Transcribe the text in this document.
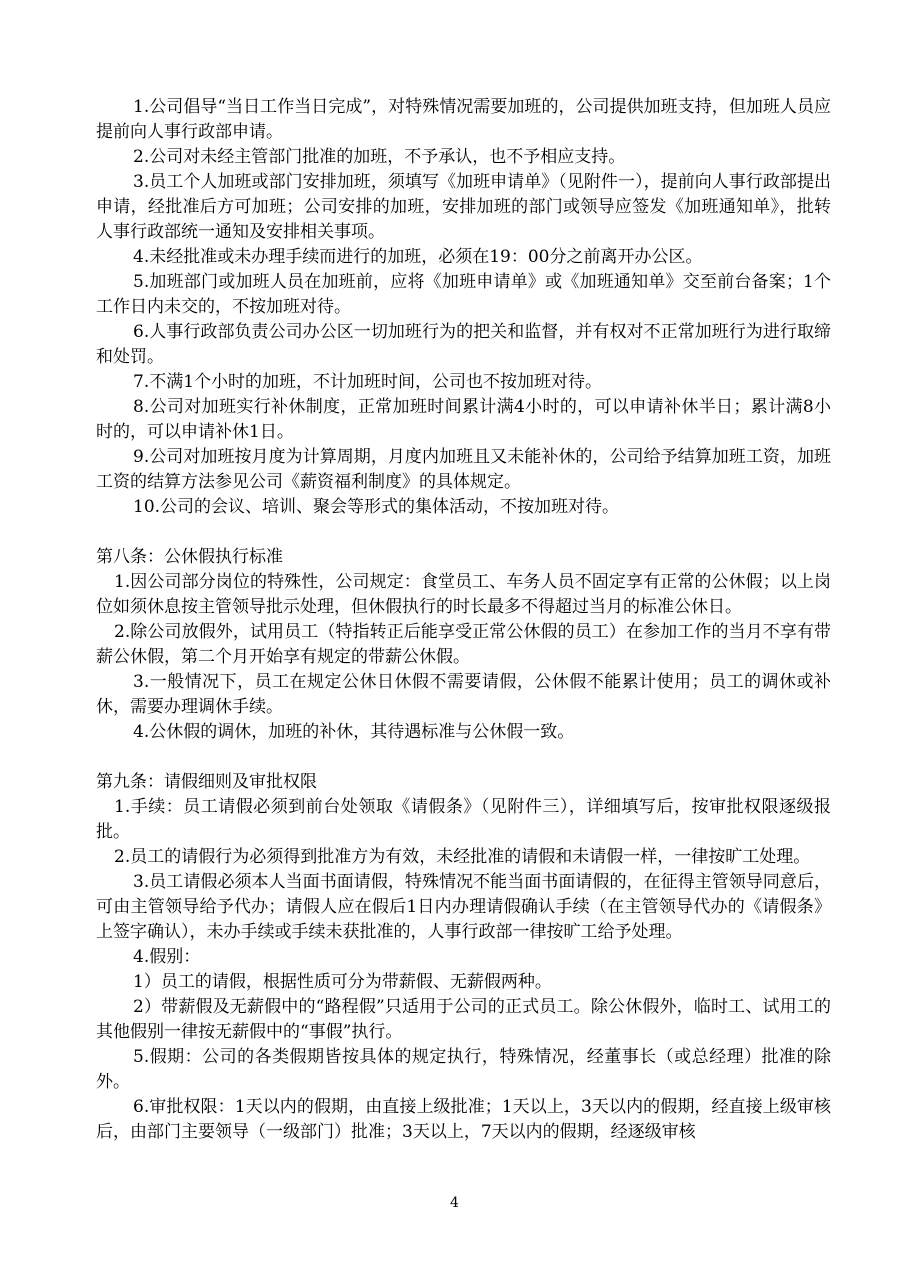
1.公司倡导“当日工作当日完成”，对特殊情况需要加班的，公司提供加班支持，但加班人员应提前向人事行政部申请。

2.公司对未经主管部门批准的加班，不予承认，也不予相应支持。

3.员工个人加班或部门安排加班，须填写《加班申请单》（见附件一），提前向人事行政部提出申请，经批准后方可加班；公司安排的加班，安排加班的部门或领导应签发《加班通知单》，批转人事行政部统一通知及安排相关事项。

4.未经批准或未办理手续而进行的加班，必须在19：00分之前离开办公区。

5.加班部门或加班人员在加班前，应将《加班申请单》或《加班通知单》交至前台备案；1个工作日内未交的，不按加班对待。

6.人事行政部负责公司办公区一切加班行为的把关和监督，并有权对不正常加班行为进行取缔和处罚。

7.不满1个小时的加班，不计加班时间，公司也不按加班对待。

8.公司对加班实行补休制度，正常加班时间累计满4小时的，可以申请补休半日；累计满8小时的，可以申请补休1日。

9.公司对加班按月度为计算周期，月度内加班且又未能补休的，公司给予结算加班工资，加班工资的结算方法参见公司《薪资福利制度》的具体规定。

10.公司的会议、培训、聚会等形式的集体活动，不按加班对待。

第八条：公休假执行标准

1.因公司部分岗位的特殊性，公司规定：食堂员工、车务人员不固定享有正常的公休假；以上岗位如须休息按主管领导批示处理，但休假执行的时长最多不得超过当月的标准公休日。

2.除公司放假外，试用员工（特指转正后能享受正常公休假的员工）在参加工作的当月不享有带薪公休假，第二个月开始享有规定的带薪公休假。

3.一般情况下，员工在规定公休日休假不需要请假，公休假不能累计使用；员工的调休或补休，需要办理调休手续。

4.公休假的调休，加班的补休，其待遇标准与公休假一致。

第九条：请假细则及审批权限

1.手续：员工请假必须到前台处领取《请假条》（见附件三），详细填写后，按审批权限逐级报批。

2.员工的请假行为必须得到批准方为有效，未经批准的请假和未请假一样，一律按旷工处理。

3.员工请假必须本人当面书面请假，特殊情况不能当面书面请假的，在征得主管领导同意后，可由主管领导给予代办；请假人应在假后1日内办理请假确认手续（在主管领导代办的《请假条》上签字确认），未办手续或手续未获批准的，人事行政部一律按旷工给予处理。

4.假别：

1）员工的请假，根据性质可分为带薪假、无薪假两种。

2）带薪假及无薪假中的“路程假”只适用于公司的正式员工。除公休假外，临时工、试用工的其他假别一律按无薪假中的“事假”执行。

5.假期：公司的各类假期皆按具体的规定执行，特殊情况，经董事长（或总经理）批准的除外。

6.审批权限：1天以内的假期，由直接上级批准；1天以上，3天以内的假期，经直接上级审核后，由部门主要领导（一级部门）批准；3天以上，7天以内的假期，经逐级审核

4
